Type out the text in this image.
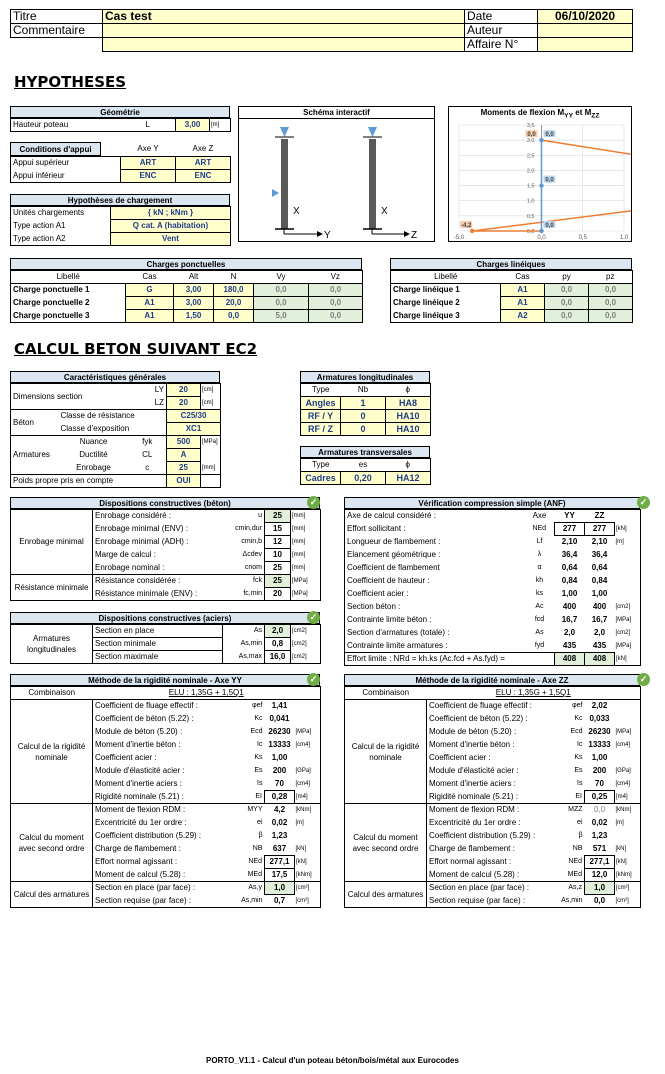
Titre	Cas test	Date	06/10/2020
Commentaire		Auteur	
		Affaire N°	
HYPOTHESES
Géométrie
Hauteur poteau	L	3,00	[m]
Conditions d'appui		Axe Y	Axe Z
Appui supérieur	ART	ART
Appui inférieur	ENC	ENC
Hypothèses de chargement
Unités chargements	{ kN ; kNm }
Type action A1	Q cat. A (habitation)
Type action A2	Vent
Schéma interactif
X
Y
X
Z
Moments de flexion $M_{YY}$ et $M_{ZZ}$
-5,0	0,0	0,5	1,0
0,0
0,5
1,0
1,5
2,0
2,5
3,0
3,5
0,0
-4,2
0,0
0,0
0,0
Charges ponctuelles
Libellé	Cas	Alt	N	Vy	Vz
Charge ponctuelle 1	G	3,00	180,0	0,0	0,0
Charge ponctuelle 2	A1	3,00	20,0	0,0	0,0
Charge ponctuelle 3	A1	1,50	0,0	5,0	0,0
Charges linéiques
Libellé	Cas	py	pz
Charge linéique 1	A1	0,0	0,0
Charge linéique 2	A1	0,0	0,0
Charge linéique 3	A2	0,0	0,0
CALCUL BETON SUIVANT EC2
Caractéristiques générales
Dimensions section		LY	20	[cm]
		LZ	20	[cm]
Béton	Classe de résistance		C25/30	
	Classe d'exposition		XC1	
Armatures	Nuance	fyk	500	[MPa]
	Ductilité	CL	A	
	Enrobage	c	25	[mm]
Poids propre pris en compte			OUI	
Armatures longitudinales
Type	Nb	ϕ
Angles	1	HA8
RF / Y	0	HA10
RF / Z	0	HA10
Armatures transversales
Type	es	ϕ
Cadres	0,20	HA12
Dispositions constructives (béton)
Enrobage minimal	Enrobage considéré :	u	25	[mm]
	Enrobage minimal (ENV) :	cmin,dur	15	[mm]
	Enrobage minimal (ADH) :	cmin,b	12	[mm]
	Marge de calcul :	Δcdev	10	[mm]
	Enrobage nominal :	cnom	25	[mm]
Résistance minimale	Résistance considérée :	fck	25	[MPa]
	Résistance minimale (ENV) :	fc,min	20	[MPa]
✓
Dispositions constructives (aciers)
Armatures longitudinales	Section en place	As	2,0	[cm2]
	Section minimale	As,min	0,8	[cm2]
	Section maximale	As,max	16,0	[cm2]
✓
Vérification compression simple (ANF)
Axe de calcul considéré :	Axe	YY	ZZ	
Effort sollicitant :	NEd	277	277	[kN]
Longueur de flambement :	Lf	2,10	2,10	[m]
Elancement géométrique :	λ	36,4	36,4	
Coefficient de flambement	α	0,64	0,64	
Coefficient de hauteur :	kh	0,84	0,84	
Coefficient acier :	ks	1,00	1,00	
Section béton :	Ac	400	400	[cm2]
Contrainte limite béton :	fcd	16,7	16,7	[MPa]
Section d'armatures (totale) :	As	2,0	2,0	[cm2]
Contrainte limite armatures :	fyd	435	435	[MPa]
Effort limite : NRd = kh.ks (Ac.fcd + As.fyd) =		408	408	[kN]
✓
Méthode de la rigidité nominale - Axe YY
Combinaison	ELU : 1,35G + 1,5Q1			
Calcul de la rigidité nominale	Coefficient de fluage effectif :	φef	1,41	
	Coefficient de béton (5.22) :	Kc	0,041	
	Module de béton (5.20) :	Ecd	26230	[MPa]
	Moment d'inertie béton :	Ic	13333	[cm4]
	Coefficient acier :	Ks	1,00	
	Module d'élasticité acier :	Es	200	[GPa]
	Moment d'inertie aciers :	Is	70	[cm4]
	Rigidité nominale (5.21) :	EI	0,28	[m4]
Calcul du moment avec second ordre	Moment de flexion RDM :	MYY	4,2	[kNm]
	Excentricité du 1er ordre :	ei	0,02	[m]
	Coefficient distribution (5.29) :	β	1,23	
	Charge de flambement :	NB	637	[kN]
	Effort normal agissant :	NEd	277,1	[kN]
	Moment de calcul (5.28) :	MEd	17,5	[kNm]
Calcul des armatures	Section en place (par face) :	As,y	1,0	[cm²]
	Section requise (par face) :	As,min	0,7	[cm²]
✓	Méthode de la rigidité nominale - Axe ZZ
Combinaison	ELU : 1,35G + 1,5Q1			
Calcul de la rigidité nominale	Coefficient de fluage effectif :	φef	2,02	
	Coefficient de béton (5.22) :	Kc	0,033	
	Module de béton (5.20) :	Ecd	26230	[MPa]
	Moment d'inertie béton :	Ic	13333	[cm4]
	Coefficient acier :	Ks	1,00	
	Module d'élasticité acier :	Es	200	[GPa]
	Moment d'inertie aciers :	Is	70	[cm4]
	Rigidité nominale (5.21) :	EI	0,25	[m4]
Calcul du moment avec second ordre	Moment de flexion RDM :	MZZ	0,0	[kNm]
	Excentricité du 1er ordre :	ei	0,02	[m]
	Coefficient distribution (5.29) :	β	1,23	
	Charge de flambement :	NB	571	[kN]
	Effort normal agissant :	NEd	277,1	[kN]
	Moment de calcul (5.28) :	MEd	12,0	[kNm]
Calcul des armatures	Section en place (par face) :	As,z	1,0	[cm²]
	Section requise (par face) :	As,min	0,0	[cm²]
✓
PORTO_V1.1 - Calcul d'un poteau béton/bois/métal aux Eurocodes
